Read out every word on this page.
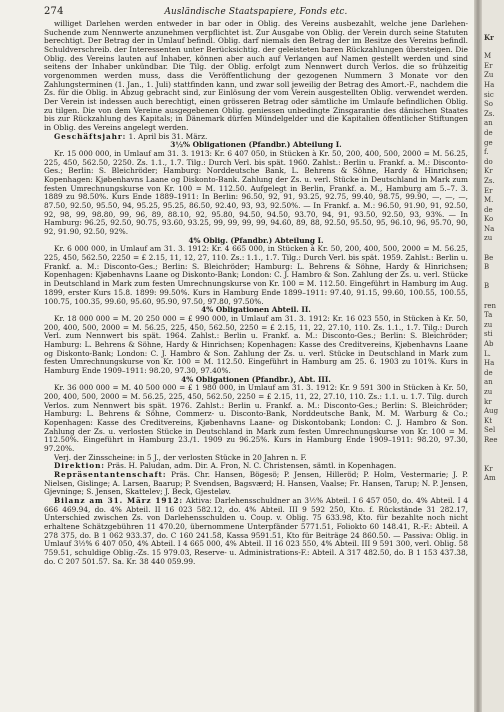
274	Ausländische Staatspapiere, Fonds etc.

williget Darlehen werden entweder in bar oder in Oblig. des Vereins ausbezahlt, welche jene Darlehen-Suchende zum Nennwerte anzunehmen verpflichtet ist. Zur Ausgabe von Oblig. der Verein durch seine Statuten berechtigt. Der Betrag der in Umlauf befindl. Oblig. darf niemals den Betrag der im Besitze des Vereins befindl. Schuldverschreib. der Interessenten unter Berücksichtig. der geleisteten baren Rückzahlungen übersteigen. Die Oblig. des Vereins lauten auf Inhaber, können aber auch auf Verlangen auf Namen gestellt werden und sind seitens der Inhaber unkündbar. Die Tilg. der Oblig. erfolgt zum Nennwert durch Verlos. die so frühzeitig vorgenommen werden muss, dass die Veröffentlichung der gezogenen Nummern 3 Monate vor den Zahlungsterminen (1. Jan., 1. Juli) stattfinden kann, und zwar soll jeweilig der Betrag des Amort.-F., nachdem die Zs. für die Oblig. in Abzug gebracht sind, zur Einlösung der vom Verein ausgestellten Oblig. verwendet werden. Der Verein ist indessen auch berechtigt, einen grösseren Betrag oder sämtliche im Umlaufe befindlichen Oblig. zu tilgen. Die von dem Vereine ausgegebenen Oblig. geniessen unbedingte Zinsgarantie des dänischen Staates bis zur Rückzahlung des Kapitals; in Dänemark dürfen Mündelgelder und die Kapitalien öffentlicher Stiftungen in Oblig. des Vereins angelegt werden.

Geschäftsjahr: 1. April bis 31. März.

3½% Obligationen (Pfandbr.) Abteilung I.

Kr. 15 000 000, in Umlauf am 31. 3. 1913: Kr. 6 407 050, in Stücken à Kr. 50, 200, 400, 500, 2000 = M. 56.25, 225, 450, 562.50, 2250. Zs. 1.1., 1.7. Tilg.: Durch Verl. bis spät. 1960. Zahlst.: Berlin u. Frankf. a. M.: Disconto-Ges.; Berlin: S. Bleichröder; Hamburg: Norddeutsche Bank, L. Behrens & Söhne, Hardy & Hinrichsen; Kopenhagen: Kjøbenhavns Laane og Diskonto-Bank. Zahlung der Zs. u. verl. Stücke in Deutschland in Mark zum festen Umrechnungskurse von Kr. 100 = M. 112.50. Aufgelegt in Berlin, Frankf. a. M., Hamburg am 5.–7. 3. 1889 zu 98.50%. Kurs Ende 1889–1911: In Berlin: 96.50, 92, 91, 93.25, 92.75, 99.40, 98.75, 99.90, —, —, —, 87.50, 92.50, 95.50, 94, 95.25, 95.25, 86.50, 92.40, 93, 93, 92.50%. — In Frankf. a. M.: 96.50, 91.90, 91, 92.50, 92, 98, 99, 98.80, 99, 96, 89, 88.10, 92, 95.80, 94.50, 94.50, 93.70, 94, 91, 93.50, 92.50, 93, 93%. — In Hamburg: 96.25, 92.50, 90.75, 93.60, 93.25, 99, 99, 99, 99, 94.60, 89, 88, 92.50, 95.50, 95, 96.10, 96, 95.70, 90, 92, 91.90, 92.50, 92%.

4% Oblig. (Pfandbr.) Abteilung I.

Kr. 6 000 000, in Umlauf am 31. 3. 1912: Kr. 4 665 000, in Stücken à Kr. 50, 200, 400, 500, 2000 = M. 56.25, 225, 450, 562.50, 2250 = £ 2.15, 11, 12, 27, 110. Zs.: 1.1., 1.7. Tilg.: Durch Verl. bis spät. 1959. Zahlst.: Berlin u. Frankf. a. M.: Disconto-Ges.; Berlin: S. Bleichröder; Hamburg: L. Behrens & Söhne, Hardy & Hinrichsen; Kopenhagen: Kjøbenhavns Laane og Diskonto-Bank; London: C. J. Hambro & Son. Zahlung der Zs. u. verl. Stücke in Deutschland in Mark zum festen Umrechnungskurse von Kr. 100 = M. 112.50. Eingeführt in Hamburg im Aug. 1899, erster Kurs 15.8. 1899: 99.50%. Kurs in Hamburg Ende 1899–1911: 97.40, 91.15, 99.60, 100.55, 100.55, 100.75, 100.35, 99.60, 95.60, 95.90, 97.50, 97.80, 97.50%.

4% Obligationen Abteil. II.

Kr. 18 000 000 = M. 20 250 000 = £ 990 000, in Umlauf am 31. 3. 1912: Kr. 16 023 550, in Stücken à Kr. 50, 200, 400, 500, 2000 = M. 56.25, 225, 450, 562.50, 2250 = £ 2.15, 11, 22, 27.10, 110. Zs. 1.1., 1.7. Tilg.: Durch Verl. zum Nennwert bis spät. 1964. Zahlst.: Berlin u. Frankf. a. M.: Disconto-Ges.; Berlin: S. Bleichröder; Hamburg: L. Behrens & Söhne, Hardy & Hinrichsen; Kopenhagen: Kasse des Creditvereins, Kjøbenhavns Laane og Diskonto-Bank; London: C. J. Hambro & Son. Zahlung der Zs. u. verl. Stücke in Deutschland in Mark zum festen Umrechnungskurse von Kr. 100 = M. 112.50. Eingeführt in Hamburg am 25. 6. 1903 zu 101%. Kurs in Hamburg Ende 1909–1911: 98.20, 97.30, 97.40%.

4% Obligationen (Pfandbr.), Abt. III.

Kr. 36 000 000 = M. 40 500 000 = £ 1 980 000, in Umlauf am 31. 3. 1912: Kr. 9 591 300 in Stücken à Kr. 50, 200, 400, 500, 2000 = M. 56.25, 225, 450, 562.50, 2250 = £ 2.15, 11, 22, 27.10, 110. Zs.: 1.1. u. 1.7. Tilg. durch Verlos. zum Nennwert bis spät. 1976. Zahlst.: Berlin u. Frankf. a. M.: Disconto-Ges.; Berlin: S. Bleichröder; Hamburg: L. Behrens & Söhne, Commerz- u. Disconto-Bank, Norddeutsche Bank, M. M. Warburg & Co.; Kopenhagen: Kasse des Creditvereins, Kjøbenhavns Laane- og Diskontobank; London: C. J. Hambro & Son. Zahlung der Zs. u. verlosten Stücke in Deutschland in Mark zum festen Umrechnungskurse von Kr. 100 = M. 112.50%. Eingeführt in Hamburg 23./1. 1909 zu 96.25%. Kurs in Hamburg Ende 1909–1911: 98.20, 97.30, 97.20%.

Verj. der Zinsscheine: in 5 J., der verlosten Stücke in 20 Jahren n. F.

Direktion: Präs. H. Paludan, adm. Dir. A. Fron, N. C. Christensen, sämtl. in Kopenhagen.

Repräsentantenschaft: Präs. Chr. Hansen, Bögesö; P. Jensen, Hilleröd; P. Holm, Vestermarie; J. P. Nielsen, Gislinge; A. Larsen, Baarup; P. Svendsen, Bagsværd; H. Hansen, Vaalse; Fr. Hansen, Tarup; N. P. Jensen, Gjevninge; S. Jensen, Skattelev; J. Beck, Gjesteløv.

Bilanz am 31. März 1912: Aktiva: Darlehensschuldner an 3½% Abteil. I 6 457 050, do. 4% Abteil. I 4 666 469.94, do. 4% Abteil. II 16 023 582.12, do. 4% Abteil. III 9 592 250, Kto. f. Rückstände 31 282.17, Unterschied zwischen Zs. von Darlehensschulden u. Coup. v. Oblig. 75 633.98, Kto. für bezahlte noch nicht erhaltene Schätzgebühren 11 470.20, übernommene Unterpfänder 5771.51, Foliokto 60 148.41, R.-F.: Abteil. A 278 375, do. B 1 062 933.37, do. C 160 241.58, Kassa 9591.51, Kto für Beiträge 24 860.50. — Passiva: Oblig. in Umlauf 3½% 6 407 050, 4% Abteil. I 4 665 000, 4% Abteil. II 16 023 550, 4% Abteil. III 9 591 300, verl. Oblig. 58 759.51, schuldige Oblig.-Zs. 15 979.03, Reserve- u. Administrations-F.: Abteil. A 317 482.50, do. B 1 153 437.38, do. C 207 501.57. Sa. Kr. 38 440 059.99.

Kr

M
Er
Zu
Ha
sic
So
Zs.
an
de
ge
f.
do
Kr
Zs.
Er
M.
de
Ko
Na
zu

Be
B

B

ren
Ta
zu
sti
Ab
L.
Ha
de
an
zu
kr
Aug
Kt
Sel
Ree

Kr
Am
